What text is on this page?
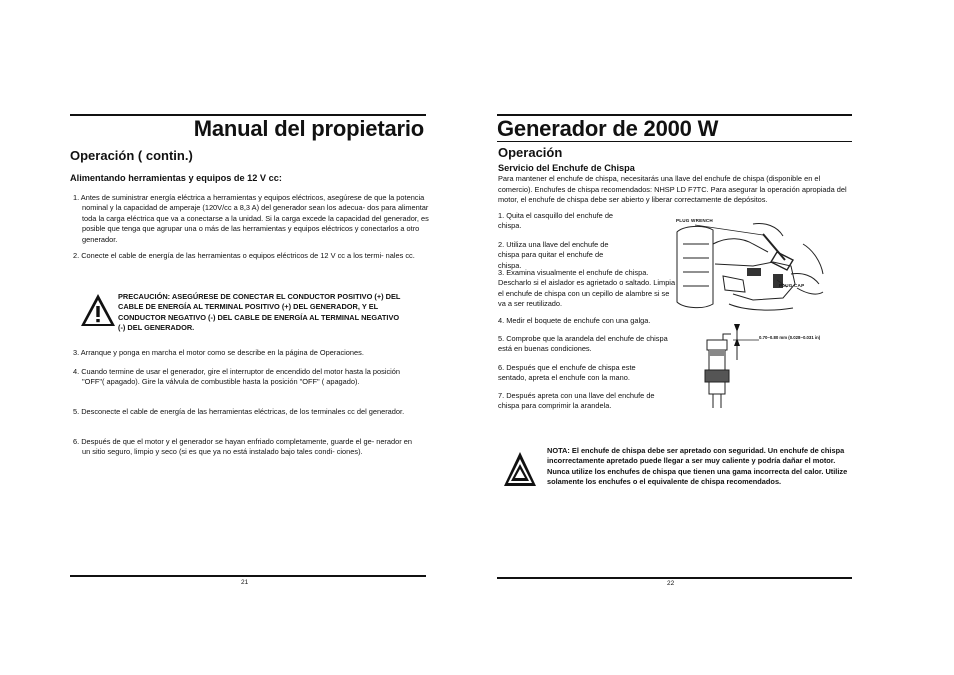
Manual del propietario
Operación ( contin.)
Alimentando herramientas y equipos de 12 V cc:
1. Antes de suministrar energía eléctrica a herramientas y equipos eléctricos, asegúrese de que la potencia nominal y la capacidad de amperaje (120V/cc a 8,3 A) del generador sean los adecua- dos para alimentar toda la carga eléctrica que va a conectarse a la unidad. Si la carga excede la capacidad del generador, es posible que tenga que agrupar una o más de las herramientas y equipos eléctricos y conectarlos a otro generador.
2. Conecte el cable de energía de las herramientas o equipos eléctricos de 12 V cc a los termi- nales cc.
PRECAUCIÓN: ASEGÚRESE DE CONECTAR EL CONDUCTOR POSITIVO (+) DEL CABLE DE ENERGÍA AL TERMINAL POSITIVO (+) DEL GENERADOR, Y EL CONDUCTOR NEGATIVO (-) DEL CABLE DE ENERGÍA AL TERMINAL NEGATIVO (-) DEL GENERADOR.
3. Arranque y ponga en marcha el motor como se describe en la página de Operaciones.
4. Cuando termine de usar el generador, gire el interruptor de encendido del motor hasta la posición "OFF"( apagado). Gire la válvula de combustible hasta la posición "OFF" ( apagado).
5. Desconecte el cable de energía de las herramientas eléctricas, de los terminales cc del generador.
6. Después de que el motor y el generador se hayan enfriado completamente, guarde el ge- nerador en un sitio seguro, limpio y seco (si es que ya no está instalado bajo tales condi- ciones).
21
Generador de 2000 W
Operación
Servicio del Enchufe de Chispa
Para mantener el enchufe de chispa, necesitarás una llave del enchufe de chispa (disponible en el comercio). Enchufes de chispa recomendados: NHSP LD F7TC. Para asegurar la operación apropiada del motor, el enchufe de chispa debe ser abierto y liberar correctamente de depósitos.
1. Quita el casquillo del enchufe de chispa.
2. Utiliza una llave del enchufe de chispa para quitar el enchufe de chispa.
3. Examina visualmente el enchufe de chispa. Descharlo si el aislador es agrietado o saltado. Limpia el enchufe de chispa con un cepillo de alambre si se va a ser reutilizado.
4. Medir el boquete de enchufe con una galga.
5. Comprobe que la arandela del enchufe de chispa está en buenas condiciones.
6. Después que el enchufe de chispa este sentado, apreta el enchufe con la mano.
7. Después apreta con una llave del enchufe de chispa para comprimir la arandela.
PLUG WRENCH
PLUG CAP
0.70~0.80 mm (0.028~0.031 in)
NOTA: El enchufe de chispa debe ser apretado con seguridad. Un enchufe de chispa incorrectamente apretado puede llegar a ser muy caliente y podría dañar el motor. Nunca utilize los enchufes de chispa que tienen una gama incorrecta del calor. Utilize solamente los enchufes o el equivalente de chispa recomendados.
22
